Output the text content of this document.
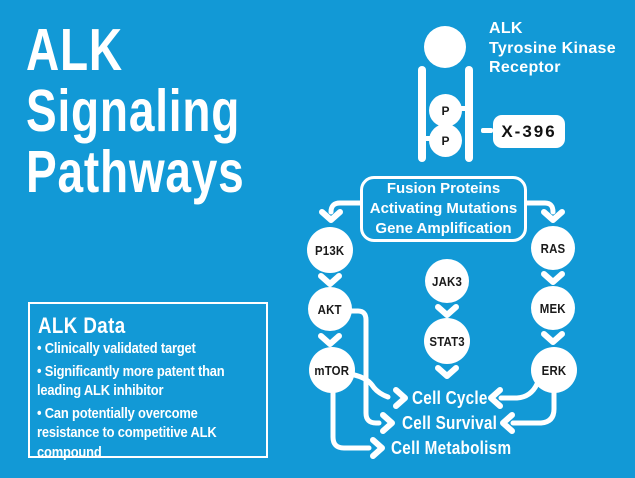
ALK
Signaling
Pathways
P
P	X-396
ALK
Tyrosine Kinase
Receptor
Fusion Proteins
Activating Mutations
Gene Amplification
P13K
AKT
mTOR
JAK3
STAT3
RAS
MEK
ERK
Cell Cycle
Cell Survival
Cell Metabolism
ALK Data

• Clinically validated target

• Significantly more patent than leading ALK inhibitor

• Can potentially overcome resistance to competitive ALK compound
